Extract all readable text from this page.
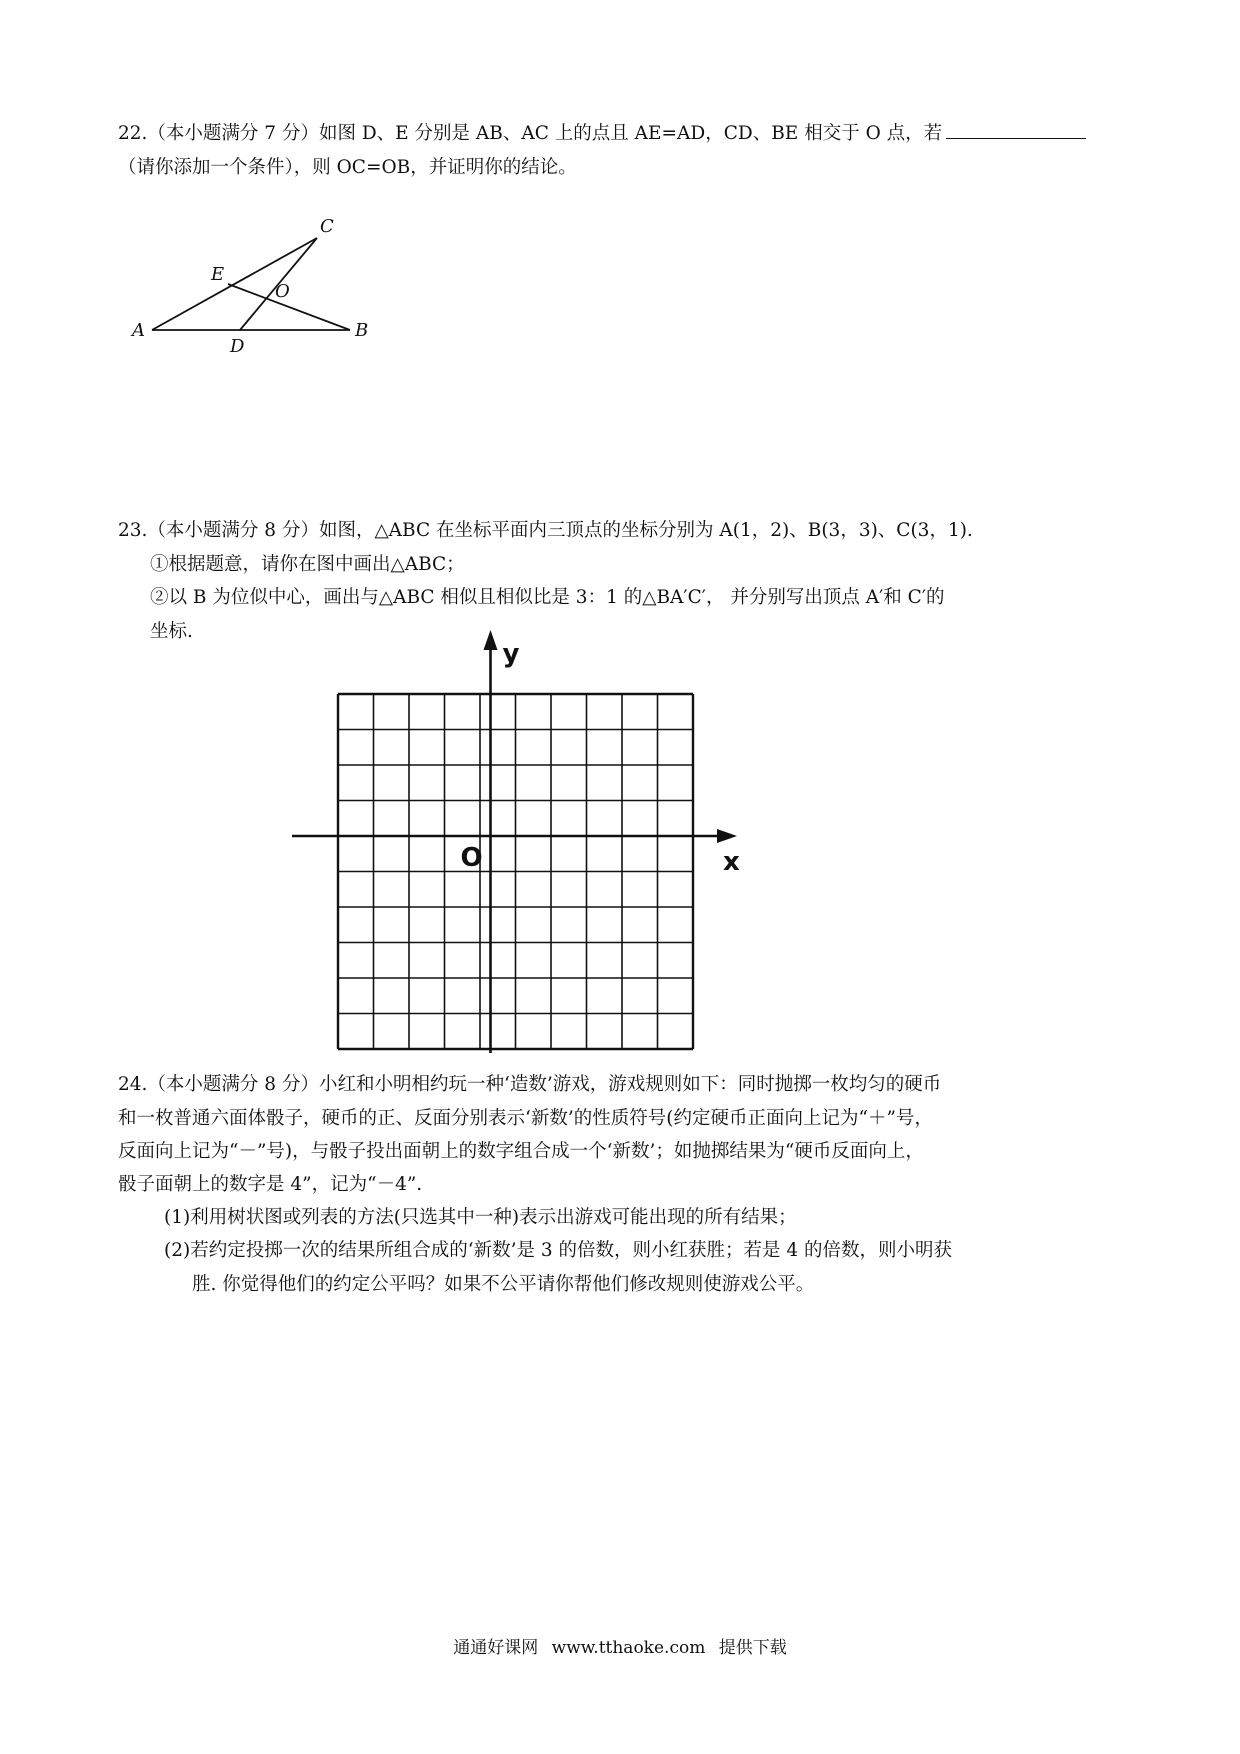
22.（本小题满分 7 分）如图 D、E 分别是 AB、AC 上的点且 AE=AD，CD、BE 相交于 O 点，若
（请你添加一个条件），则 OC=OB，并证明你的结论。
C
E
O
A
D
B
23.（本小题满分 8 分）如图，△ABC 在坐标平面内三顶点的坐标分别为 A(1，2)、B(3，3)、C(3，1).
①根据题意，请你在图中画出△ABC；
②以 B 为位似中心，画出与△ABC 相似且相似比是 3：1 的△BA′C′， 并分别写出顶点 A′和 C′的
坐标.
y
x
O
24.（本小题满分 8 分）小红和小明相约玩一种‘造数’游戏，游戏规则如下：同时抛掷一枚均匀的硬币
和一枚普通六面体骰子，硬币的正、反面分别表示‘新数’的性质符号(约定硬币正面向上记为“＋”号，
反面向上记为“－”号)，与骰子投出面朝上的数字组合成一个‘新数’；如抛掷结果为“硬币反面向上，
骰子面朝上的数字是 4”，记为“－4”.
(1)利用树状图或列表的方法(只选其中一种)表示出游戏可能出现的所有结果；
(2)若约定投掷一次的结果所组合成的‘新数’是 3 的倍数，则小红获胜；若是 4 的倍数，则小明获
胜. 你觉得他们的约定公平吗？如果不公平请你帮他们修改规则使游戏公平。
通通好课网 www.tthaoke.com 提供下载
